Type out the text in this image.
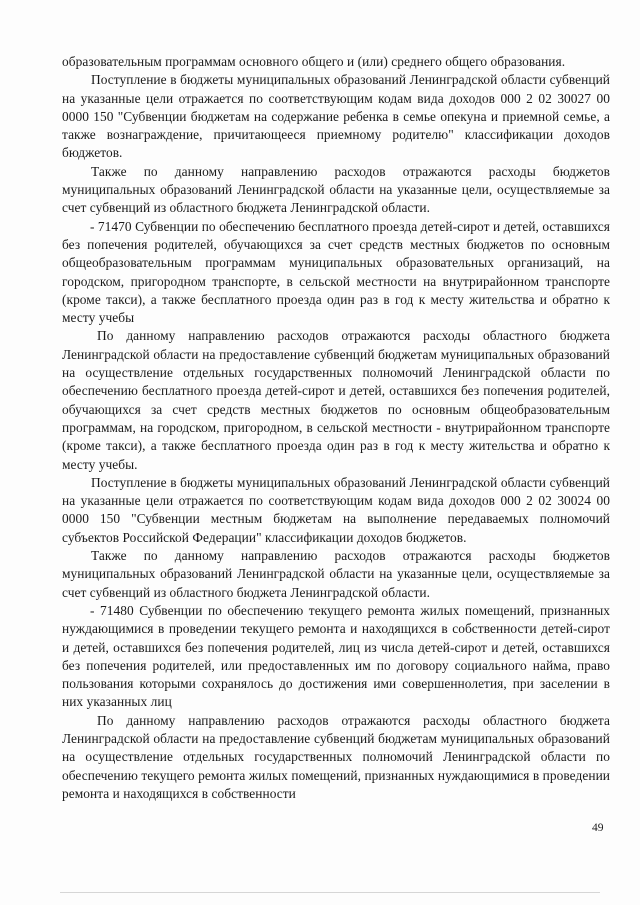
образовательным программам основного общего и (или) среднего общего образования.

Поступление в бюджеты муниципальных образований Ленинградской области субвенций на указанные цели отражается по соответствующим кодам вида доходов 000 2 02 30027 00 0000 150 "Субвенции бюджетам на содержание ребенка в семье опекуна и приемной семье, а также вознаграждение, причитающееся приемному родителю" классификации доходов бюджетов.

Также по данному направлению расходов отражаются расходы бюджетов муниципальных образований Ленинградской области на указанные цели, осуществляемые за счет субвенций из областного бюджета Ленинградской области.

- 71470 Субвенции по обеспечению бесплатного проезда детей-сирот и детей, оставшихся без попечения родителей, обучающихся за счет средств местных бюджетов по основным общеобразовательным программам муниципальных образовательных организаций, на городском, пригородном транспорте, в сельской местности на внутрирайонном транспорте (кроме такси), а также бесплатного проезда один раз в год к месту жительства и обратно к месту учебы

По данному направлению расходов отражаются расходы областного бюджета Ленинградской области на предоставление субвенций бюджетам муниципальных образований на осуществление отдельных государственных полномочий Ленинградской области по обеспечению бесплатного проезда детей-сирот и детей, оставшихся без попечения родителей, обучающихся за счет средств местных бюджетов по основным общеобразовательным программам, на городском, пригородном, в сельской местности - внутрирайонном транспорте (кроме такси), а также бесплатного проезда один раз в год к месту жительства и обратно к месту учебы.

Поступление в бюджеты муниципальных образований Ленинградской области субвенций на указанные цели отражается по соответствующим кодам вида доходов 000 2 02 30024 00 0000 150 "Субвенции местным бюджетам на выполнение передаваемых полномочий субъектов Российской Федерации" классификации доходов бюджетов.

Также по данному направлению расходов отражаются расходы бюджетов муниципальных образований Ленинградской области на указанные цели, осуществляемые за счет субвенций из областного бюджета Ленинградской области.

- 71480 Субвенции по обеспечению текущего ремонта жилых помещений, признанных нуждающимися в проведении текущего ремонта и находящихся в собственности детей-сирот и детей, оставшихся без попечения родителей, лиц из числа детей-сирот и детей, оставшихся без попечения родителей, или предоставленных им по договору социального найма, право пользования которыми сохранялось до достижения ими совершеннолетия, при заселении в них указанных лиц

По данному направлению расходов отражаются расходы областного бюджета Ленинградской области на предоставление субвенций бюджетам муниципальных образований на осуществление отдельных государственных полномочий Ленинградской области по обеспечению текущего ремонта жилых помещений, признанных нуждающимися в проведении ремонта и находящихся в собственности

49
